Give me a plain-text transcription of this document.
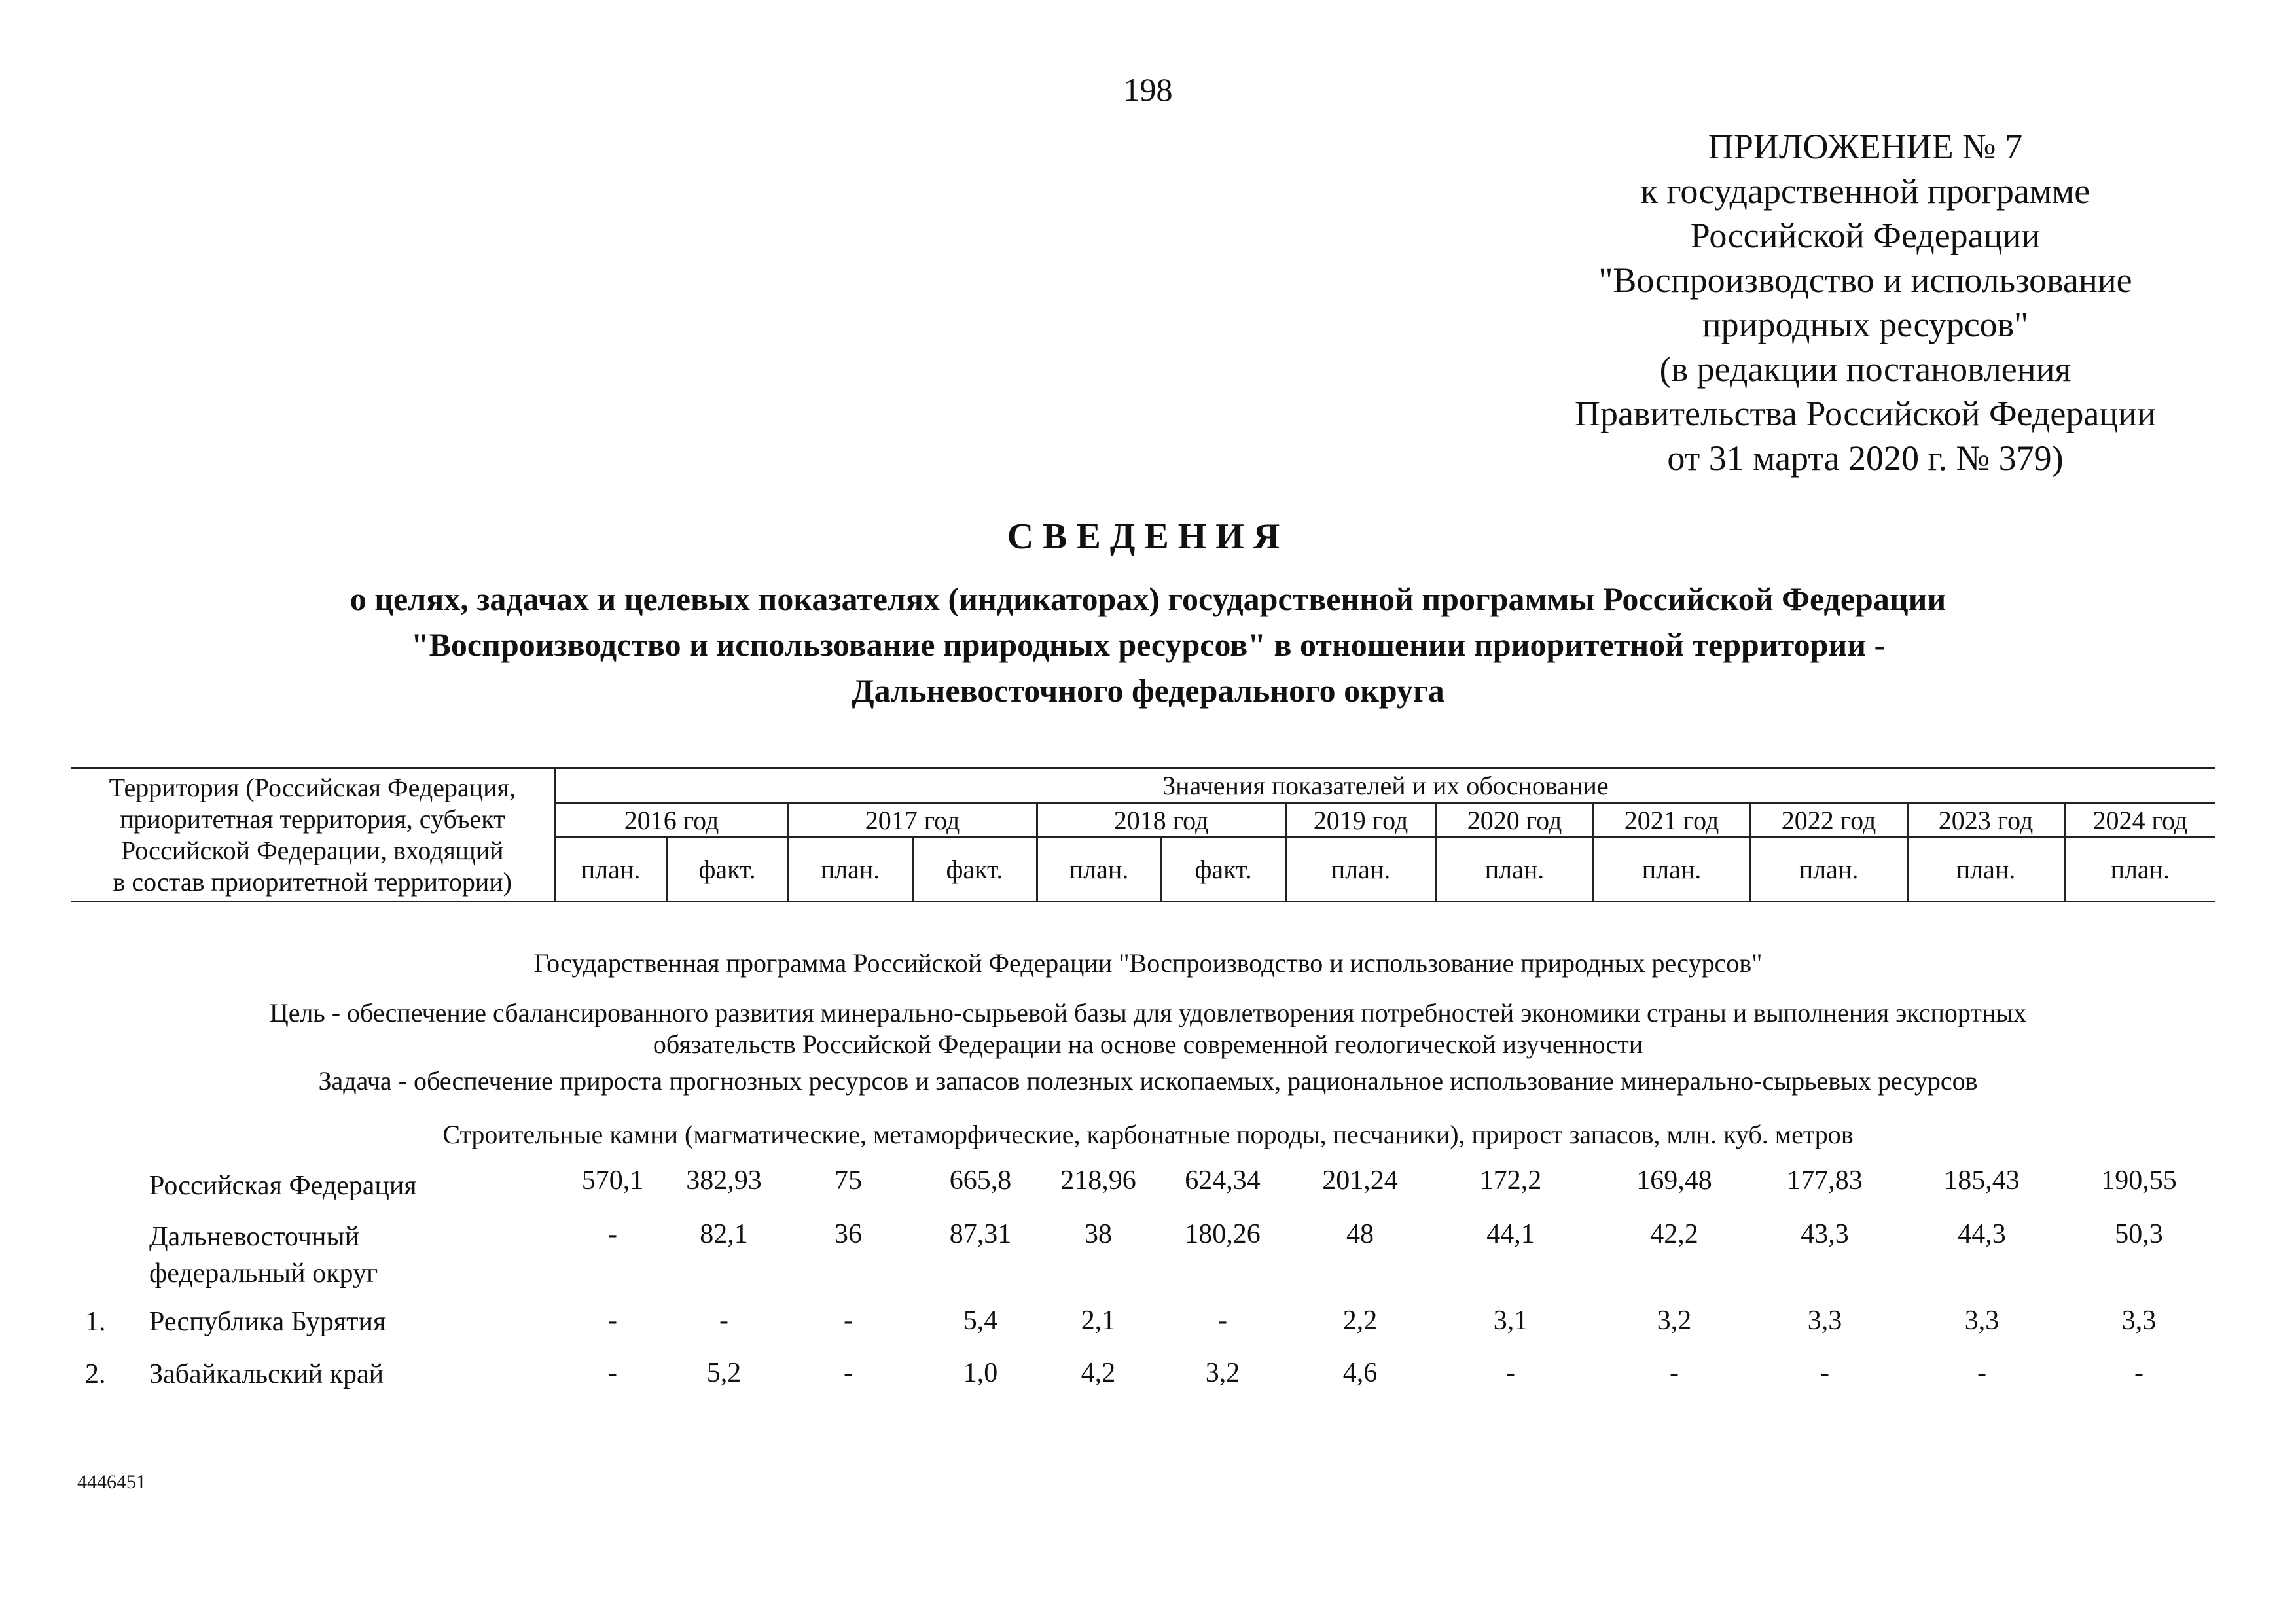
198
ПРИЛОЖЕНИЕ № 7
к государственной программе
Российской Федерации
"Воспроизводство и использование
природных ресурсов"
(в редакции постановления
Правительства Российской Федерации
от 31 марта 2020 г. № 379)
СВЕДЕНИЯ
о целях, задачах и целевых показателях (индикаторах) государственной программы Российской Федерации
"Воспроизводство и использование природных ресурсов" в отношении приоритетной территории -
Дальневосточного федерального округа
Территория (Российская Федерация,
приоритетная территория, субъект
Российской Федерации, входящий
в состав приоритетной территории)	Значения показателей и их обоснование											
	2016 год		2017 год		2018 год		2019 год	2020 год	2021 год	2022 год	2023 год	2024 год
	план.	факт.	план.	факт.	план.	факт.	план.	план.	план.	план.	план.	план.
Государственная программа Российской Федерации "Воспроизводство и использование природных ресурсов"
Цель - обеспечение сбалансированного развития минерально-сырьевой базы для удовлетворения потребностей экономики страны и выполнения экспортных
обязательств Российской Федерации на основе современной геологической изученности
Задача - обеспечение прироста прогнозных ресурсов и запасов полезных ископаемых, рациональное использование минерально-сырьевых ресурсов
Строительные камни (магматические, метаморфические, карбонатные породы, песчаники), прирост запасов, млн. куб. метров
Российская Федерация	570,1	382,93	75	665,8	218,96	624,34	201,24	172,2	169,48	177,83	185,43	190,55
Дальневосточный
федеральный округ
-	82,1	36	87,31	38	180,26	48	44,1	42,2	43,3	44,3	50,3
1. Республика Бурятия	-	-	-	5,4	2,1	-	2,2	3,1	3,2	3,3	3,3	3,3
2. Забайкальский край	-	5,2	-	1,0	4,2	3,2	4,6	-	-	-	-	-
4446451
